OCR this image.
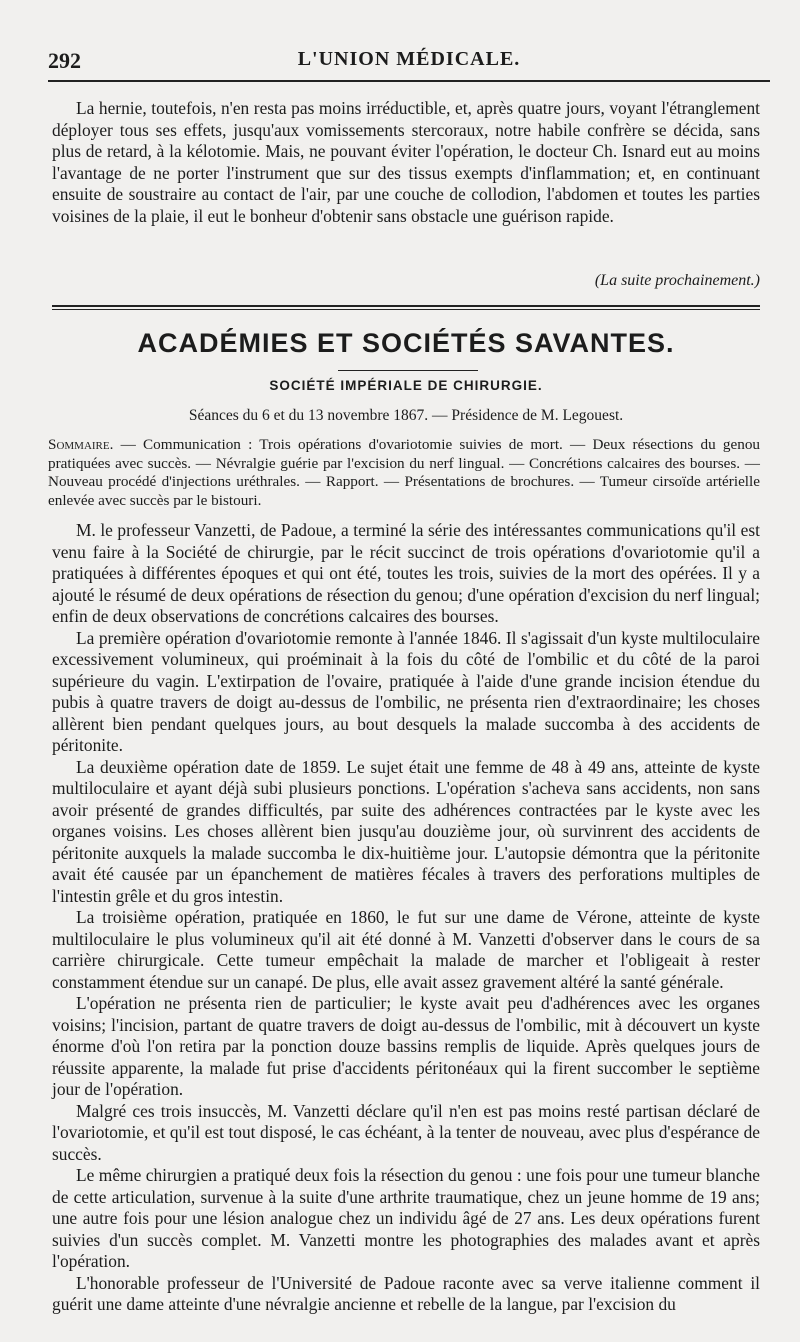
292	L'UNION MÉDICALE.

La hernie, toutefois, n'en resta pas moins irréductible, et, après quatre jours, voyant l'étranglement déployer tous ses effets, jusqu'aux vomissements stercoraux, notre habile confrère se décida, sans plus de retard, à la kélotomie. Mais, ne pouvant éviter l'opération, le docteur Ch. Isnard eut au moins l'avantage de ne porter l'instrument que sur des tissus exempts d'inflammation; et, en continuant ensuite de soustraire au contact de l'air, par une couche de collodion, l'abdomen et toutes les parties voisines de la plaie, il eut le bonheur d'obtenir sans obstacle une guérison rapide.

(La suite prochainement.)
ACADÉMIES ET SOCIÉTÉS SAVANTES.
SOCIÉTÉ IMPÉRIALE DE CHIRURGIE.
Séances du 6 et du 13 novembre 1867. — Présidence de M. Legouest.
Sommaire. — Communication : Trois opérations d'ovariotomie suivies de mort. — Deux résections du genou pratiquées avec succès. — Névralgie guérie par l'excision du nerf lingual. — Concrétions calcaires des bourses. — Nouveau procédé d'injections uréthrales. — Rapport. — Présentations de brochures. — Tumeur cirsoïde artérielle enlevée avec succès par le bistouri.

M. le professeur Vanzetti, de Padoue, a terminé la série des intéressantes communications qu'il est venu faire à la Société de chirurgie, par le récit succinct de trois opérations d'ovariotomie qu'il a pratiquées à différentes époques et qui ont été, toutes les trois, suivies de la mort des opérées. Il y a ajouté le résumé de deux opérations de résection du genou; d'une opération d'excision du nerf lingual; enfin de deux observations de concrétions calcaires des bourses.

La première opération d'ovariotomie remonte à l'année 1846. Il s'agissait d'un kyste multiloculaire excessivement volumineux, qui proéminait à la fois du côté de l'ombilic et du côté de la paroi supérieure du vagin. L'extirpation de l'ovaire, pratiquée à l'aide d'une grande incision étendue du pubis à quatre travers de doigt au-dessus de l'ombilic, ne présenta rien d'extraordinaire; les choses allèrent bien pendant quelques jours, au bout desquels la malade succomba à des accidents de péritonite.

La deuxième opération date de 1859. Le sujet était une femme de 48 à 49 ans, atteinte de kyste multiloculaire et ayant déjà subi plusieurs ponctions. L'opération s'acheva sans accidents, non sans avoir présenté de grandes difficultés, par suite des adhérences contractées par le kyste avec les organes voisins. Les choses allèrent bien jusqu'au douzième jour, où survinrent des accidents de péritonite auxquels la malade succomba le dix-huitième jour. L'autopsie démontra que la péritonite avait été causée par un épanchement de matières fécales à travers des perforations multiples de l'intestin grêle et du gros intestin.

La troisième opération, pratiquée en 1860, le fut sur une dame de Vérone, atteinte de kyste multiloculaire le plus volumineux qu'il ait été donné à M. Vanzetti d'observer dans le cours de sa carrière chirurgicale. Cette tumeur empêchait la malade de marcher et l'obligeait à rester constamment étendue sur un canapé. De plus, elle avait assez gravement altéré la santé générale.

L'opération ne présenta rien de particulier; le kyste avait peu d'adhérences avec les organes voisins; l'incision, partant de quatre travers de doigt au-dessus de l'ombilic, mit à découvert un kyste énorme d'où l'on retira par la ponction douze bassins remplis de liquide. Après quelques jours de réussite apparente, la malade fut prise d'accidents péritonéaux qui la firent succomber le septième jour de l'opération.

Malgré ces trois insuccès, M. Vanzetti déclare qu'il n'en est pas moins resté partisan déclaré de l'ovariotomie, et qu'il est tout disposé, le cas échéant, à la tenter de nouveau, avec plus d'espérance de succès.

Le même chirurgien a pratiqué deux fois la résection du genou : une fois pour une tumeur blanche de cette articulation, survenue à la suite d'une arthrite traumatique, chez un jeune homme de 19 ans; une autre fois pour une lésion analogue chez un individu âgé de 27 ans. Les deux opérations furent suivies d'un succès complet. M. Vanzetti montre les photographies des malades avant et après l'opération.

L'honorable professeur de l'Université de Padoue raconte avec sa verve italienne comment il guérit une dame atteinte d'une névralgie ancienne et rebelle de la langue, par l'excision du
